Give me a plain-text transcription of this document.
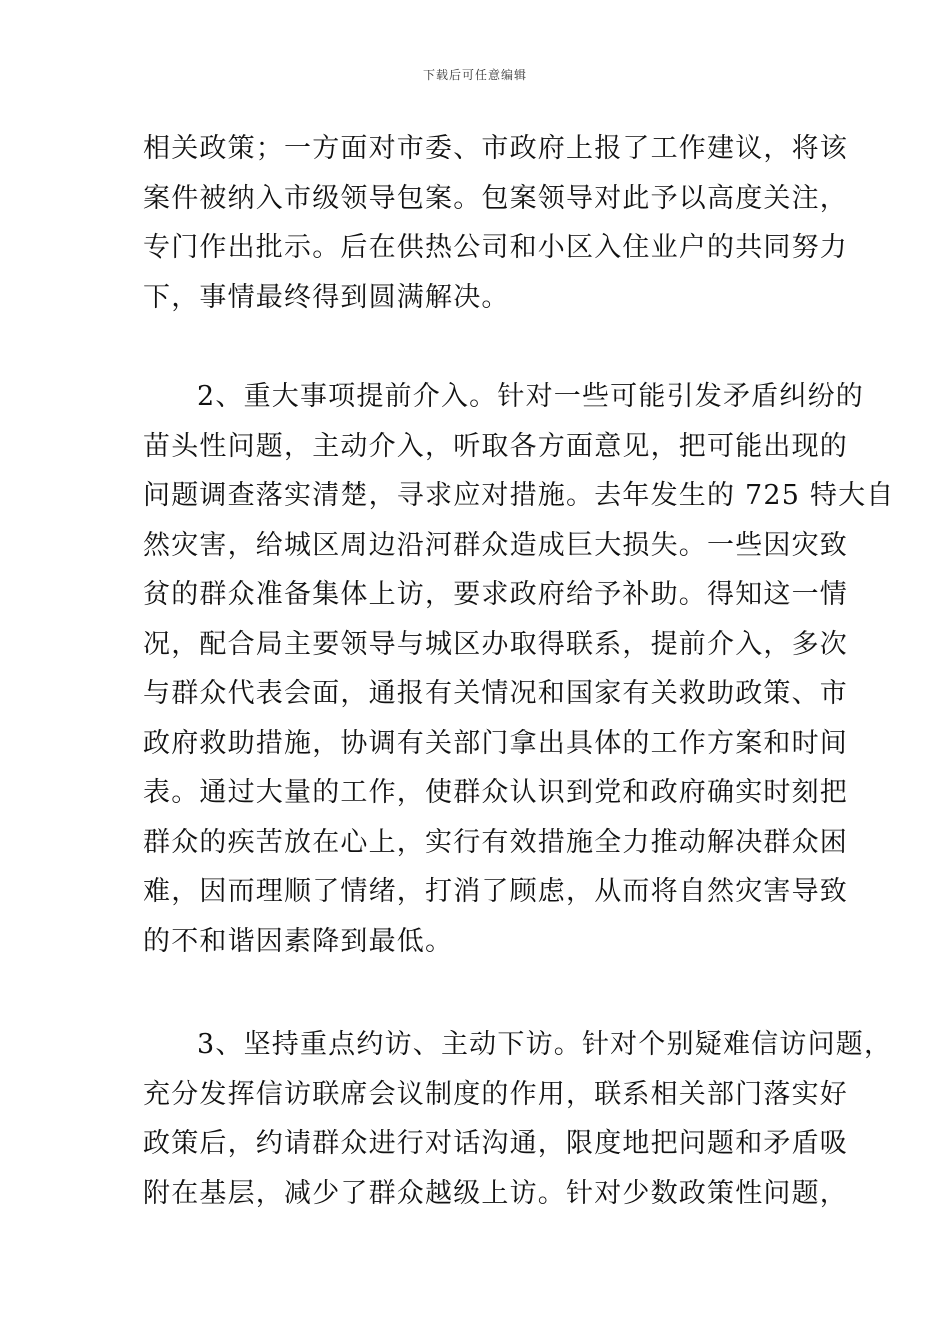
下载后可任意编辑
相关政策；一方面对市委、市政府上报了工作建议，将该
案件被纳入市级领导包案。包案领导对此予以高度关注，
专门作出批示。后在供热公司和小区入住业户的共同努力
下，事情最终得到圆满解决。
2、重大事项提前介入。针对一些可能引发矛盾纠纷的
苗头性问题，主动介入，听取各方面意见，把可能出现的
问题调查落实清楚，寻求应对措施。去年发生的 725 特大自
然灾害，给城区周边沿河群众造成巨大损失。一些因灾致
贫的群众准备集体上访，要求政府给予补助。得知这一情
况，配合局主要领导与城区办取得联系，提前介入，多次
与群众代表会面，通报有关情况和国家有关救助政策、市
政府救助措施，协调有关部门拿出具体的工作方案和时间
表。通过大量的工作，使群众认识到党和政府确实时刻把
群众的疾苦放在心上，实行有效措施全力推动解决群众困
难，因而理顺了情绪，打消了顾虑，从而将自然灾害导致
的不和谐因素降到最低。
3、坚持重点约访、主动下访。针对个别疑难信访问题，
充分发挥信访联席会议制度的作用，联系相关部门落实好
政策后，约请群众进行对话沟通，限度地把问题和矛盾吸
附在基层，减少了群众越级上访。针对少数政策性问题，
